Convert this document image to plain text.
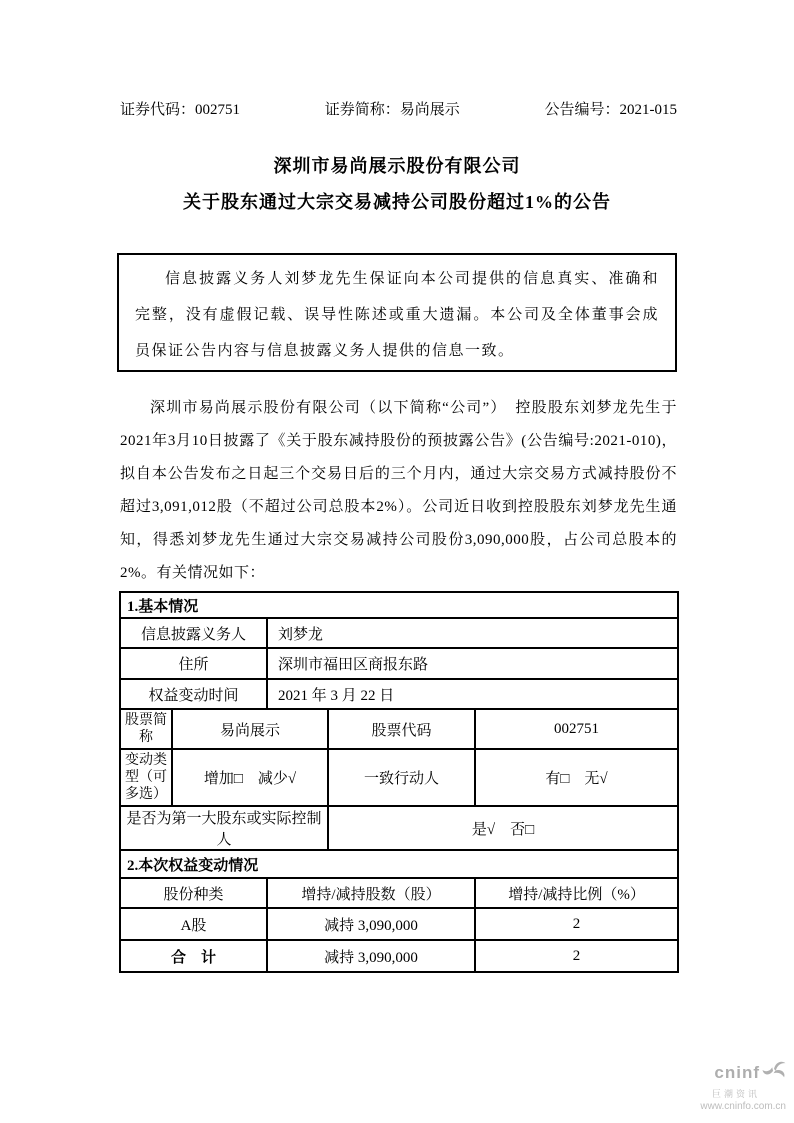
证券代码：002751	证券简称：易尚展示	公告编号：2021-015
深圳市易尚展示股份有限公司
关于股东通过大宗交易减持公司股份超过1%的公告

信息披露义务人刘梦龙先生保证向本公司提供的信息真实、准确和完整，没有虚假记载、误导性陈述或重大遗漏。本公司及全体董事会成员保证公告内容与信息披露义务人提供的信息一致。

深圳市易尚展示股份有限公司（以下简称“公司”）　控股股东刘梦龙先生于2021年3月10日披露了《关于股东减持股份的预披露公告》(公告编号:2021-010)，拟自本公告发布之日起三个交易日后的三个月内，通过大宗交易方式减持股份不超过3,091,012股（不超过公司总股本2%）。公司近日收到控股股东刘梦龙先生通知，得悉刘梦龙先生通过大宗交易减持公司股份3,090,000股，占公司总股本的2%。有关情况如下：
1.基本情况				
信息披露义务人		刘梦龙		
住所		深圳市福田区商报东路		
权益变动时间		2021 年 3 月 22 日		
股票简称	易尚展示		股票代码	002751
变动类型（可多选）	增加□　减少√		一致行动人	有□　无√
是否为第一大股东或实际控制人			是√　否□	
2.本次权益变动情况				
股份种类		增持/减持股数（股）		增持/减持比例（%）
A股		减持 3,090,000		2
合　计		减持 3,090,000		2
cninf
巨潮资讯
www.cninfo.com.cn
